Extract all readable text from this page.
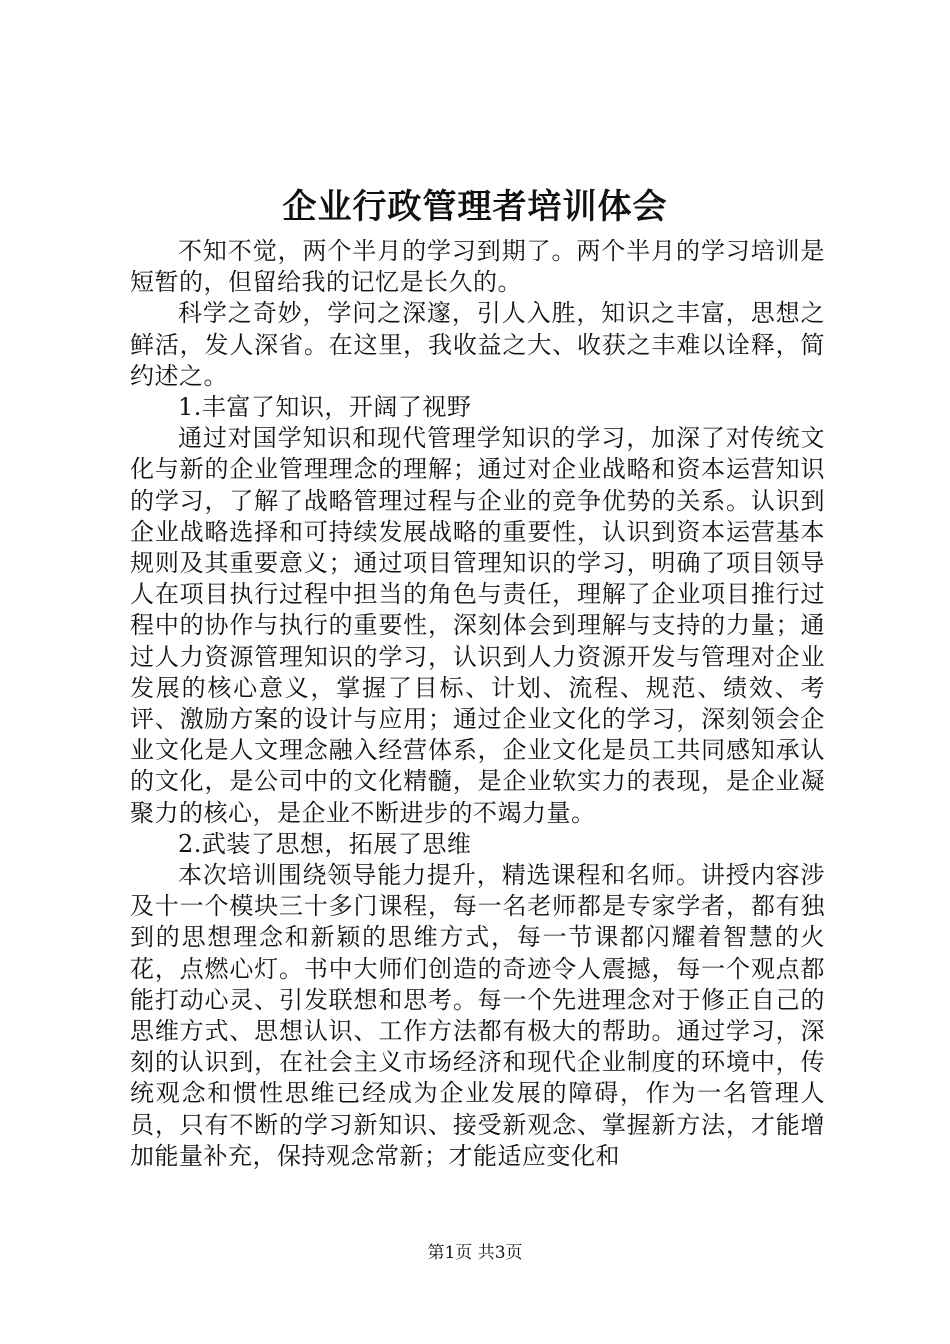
企业行政管理者培训体会

不知不觉，两个半月的学习到期了。两个半月的学习培训是短暂的，但留给我的记忆是长久的。

科学之奇妙，学问之深邃，引人入胜，知识之丰富，思想之鲜活，发人深省。在这里，我收益之大、收获之丰难以诠释，简约述之。

1.丰富了知识，开阔了视野

通过对国学知识和现代管理学知识的学习，加深了对传统文化与新的企业管理理念的理解；通过对企业战略和资本运营知识的学习，了解了战略管理过程与企业的竞争优势的关系。认识到企业战略选择和可持续发展战略的重要性，认识到资本运营基本规则及其重要意义；通过项目管理知识的学习，明确了项目领导人在项目执行过程中担当的角色与责任，理解了企业项目推行过程中的协作与执行的重要性，深刻体会到理解与支持的力量；通过人力资源管理知识的学习，认识到人力资源开发与管理对企业发展的核心意义，掌握了目标、计划、流程、规范、绩效、考评、激励方案的设计与应用；通过企业文化的学习，深刻领会企业文化是人文理念融入经营体系，企业文化是员工共同感知承认的文化，是公司中的文化精髓，是企业软实力的表现，是企业凝聚力的核心，是企业不断进步的不竭力量。

2.武装了思想，拓展了思维

本次培训围绕领导能力提升，精选课程和名师。讲授内容涉及十一个模块三十多门课程，每一名老师都是专家学者，都有独到的思想理念和新颖的思维方式，每一节课都闪耀着智慧的火花，点燃心灯。书中大师们创造的奇迹令人震撼，每一个观点都能打动心灵、引发联想和思考。每一个先进理念对于修正自己的思维方式、思想认识、工作方法都有极大的帮助。通过学习，深刻的认识到，在社会主义市场经济和现代企业制度的环境中，传统观念和惯性思维已经成为企业发展的障碍，作为一名管理人员，只有不断的学习新知识、接受新观念、掌握新方法，才能增加能量补充，保持观念常新；才能适应变化和

第1页 共3页
